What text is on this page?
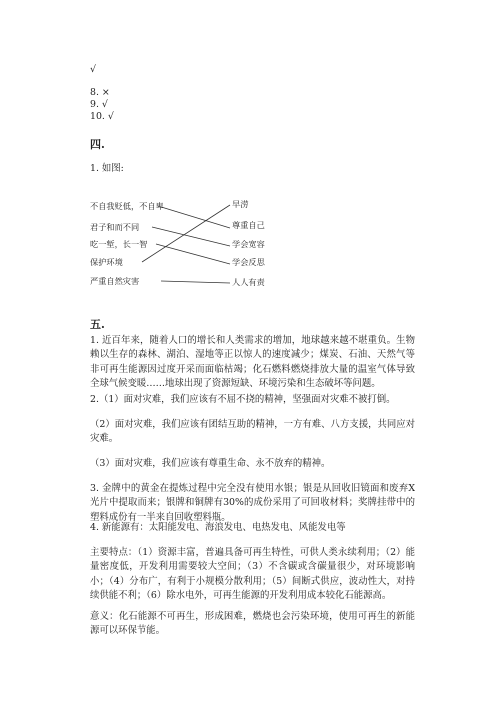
√
8. ×
9. √
10. √
四.
1. 如图:
不自我贬低，不自卑
君子和而不同
吃一堑，长一智
保护环境
严重自然灾害
早涝
尊重自己
学会宽容
学会反思
人人有责
五.
1. 近百年来，随着人口的增长和人类需求的增加，地球越来越不堪重负。生物赖以生存的森林、湖泊、湿地等正以惊人的速度减少；煤炭、石油、天然气等非可再生能源因过度开采而面临枯竭；化石燃料燃烧排放大量的温室气体导致全球气候变暖……地球出现了资源短缺、环境污染和生态破坏等问题。
2.（1）面对灾难，我们应该有不屈不挠的精神，坚强面对灾难不被打倒。
（2）面对灾难，我们应该有团结互助的精神，一方有难、八方支援，共同应对灾难。
（3）面对灾难，我们应该有尊重生命、永不放弃的精神。
3. 金牌中的黄金在提炼过程中完全没有使用水银；银是从回收旧镜面和废弃X光片中提取而来；银牌和铜牌有30%的成份采用了可回收材料；奖牌挂带中的塑料成份有一半来自回收塑料瓶。
4. 新能源有：太阳能发电、海浪发电、电热发电、风能发电等
主要特点：（1）资源丰富，普遍具备可再生特性，可供人类永续利用；（2）能量密度低，开发利用需要较大空间；（3）不含碳或含碳量很少，对环境影响小；（4）分布广，有利于小规模分散利用；（5）间断式供应，波动性大，对持续供能不利；（6）除水电外，可再生能源的开发利用成本较化石能源高。
意义：化石能源不可再生，形成困难，燃烧也会污染环境，使用可再生的新能源可以环保节能。
